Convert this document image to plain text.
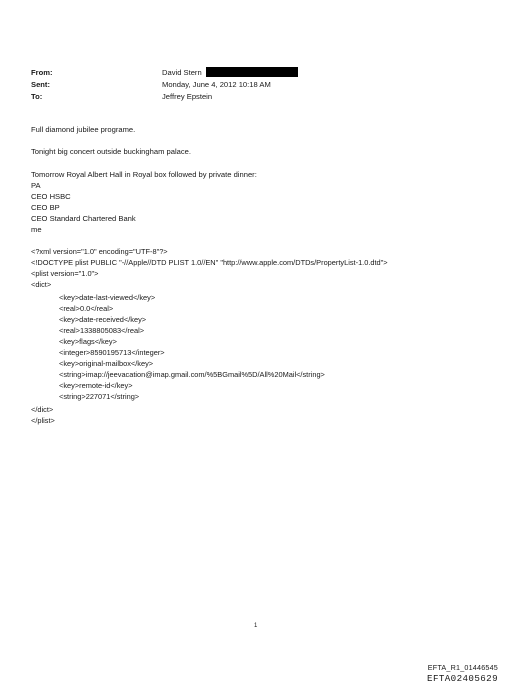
From:	David Stern
Sent:	Monday, June 4, 2012 10:18 AM
To:	Jeffrey Epstein
Full diamond jubilee programe.
Tonight big concert outside buckingham palace.
Tomorrow Royal Albert Hall in Royal box followed by private dinner:
PA
CEO HSBC
CEO BP
CEO Standard Chartered Bank
me
<?xml version="1.0" encoding="UTF-8"?>
<!DOCTYPE plist PUBLIC "-//Apple//DTD PLIST 1.0//EN" "http://www.apple.com/DTDs/PropertyList-1.0.dtd">
<plist version="1.0">
<dict>
<key>date-last-viewed</key>
<real>0.0</real>
<key>date-received</key>
<real>1338805083</real>
<key>flags</key>
<integer>8590195713</integer>
<key>original-mailbox</key>
<string>imap://jeevacation@imap.gmail.com/%5BGmail%5D/All%20Mail</string>
<key>remote-id</key>
<string>227071</string>
</dict>
</plist>
1
EFTA_R1_01446545
EFTA02405629
